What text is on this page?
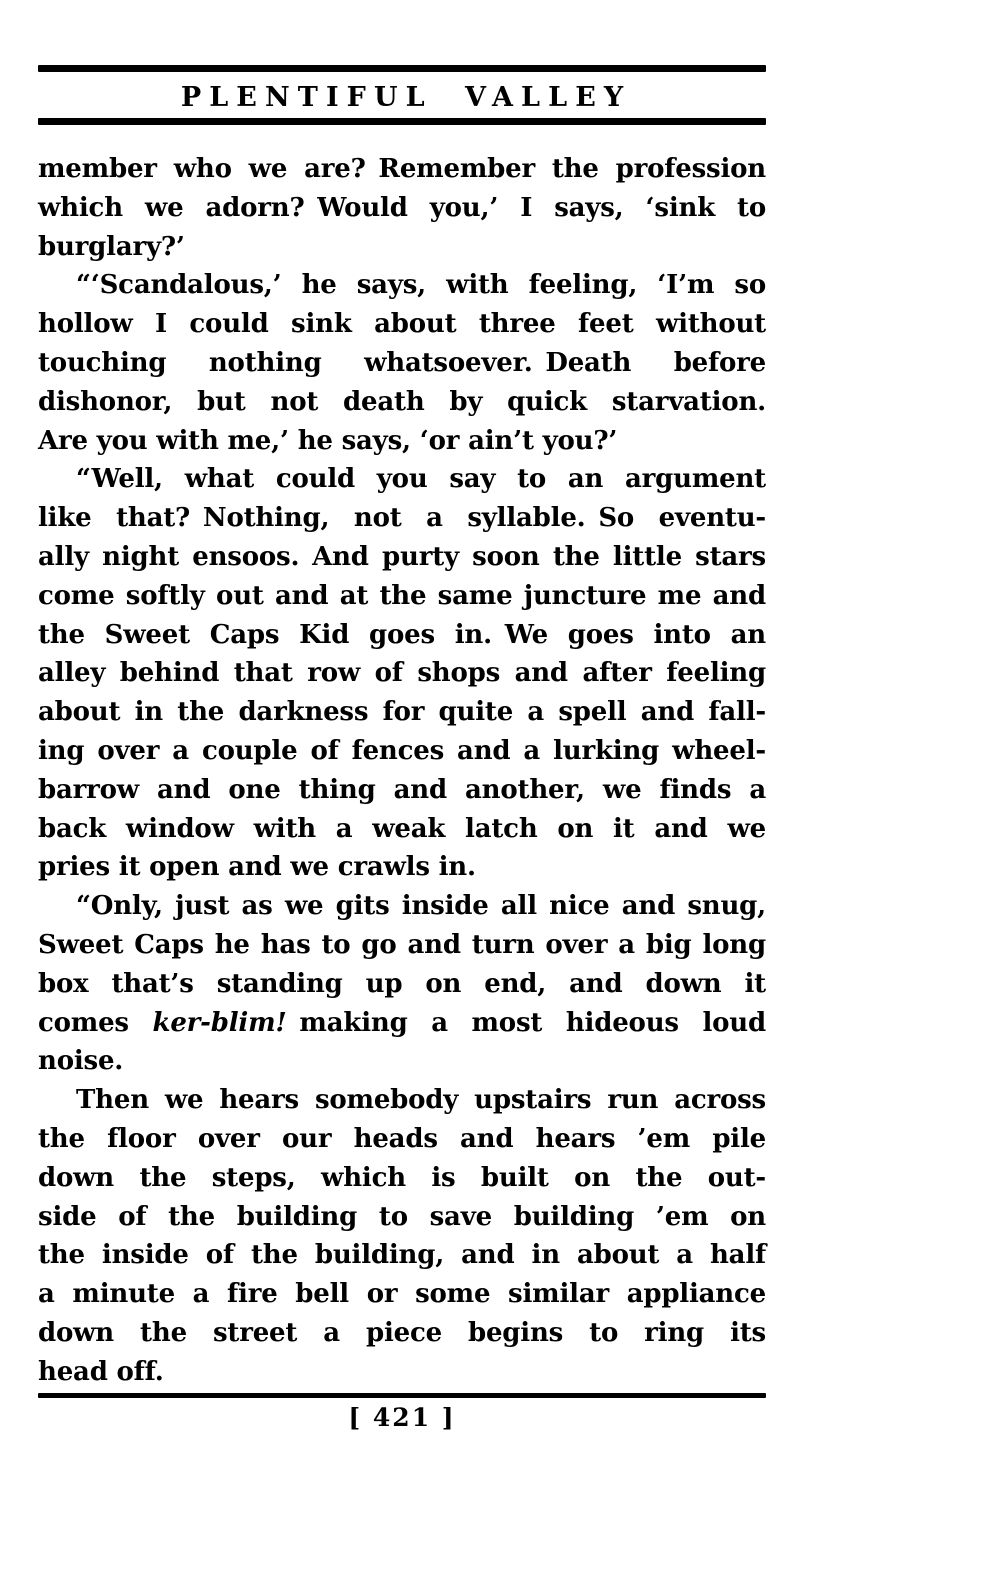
PLENTIFUL VALLEY
member who we are? Remember the profession
which we adorn? Would you,’ I says, ‘sink to
burglary?’
“‘Scandalous,’ he says, with feeling, ‘I’m so
hollow I could sink about three feet without
touching nothing whatsoever. Death before
dishonor, but not death by quick starvation.
Are you with me,’ he says, ‘or ain’t you?’
“Well, what could you say to an argument
like that? Nothing, not a syllable. So eventu-
ally night ensoos. And purty soon the little stars
come softly out and at the same juncture me and
the Sweet Caps Kid goes in. We goes into an
alley behind that row of shops and after feeling
about in the darkness for quite a spell and fall-
ing over a couple of fences and a lurking wheel-
barrow and one thing and another, we finds a
back window with a weak latch on it and we
pries it open and we crawls in.
“Only, just as we gits inside all nice and snug,
Sweet Caps he has to go and turn over a big long
box that’s standing up on end, and down it
comes ker-blim! making a most hideous loud
noise.
Then we hears somebody upstairs run across
the floor over our heads and hears ’em pile
down the steps, which is built on the out-
side of the building to save building ’em on
the inside of the building, and in about a half
a minute a fire bell or some similar appliance
down the street a piece begins to ring its
head off.
[ 421 ]
